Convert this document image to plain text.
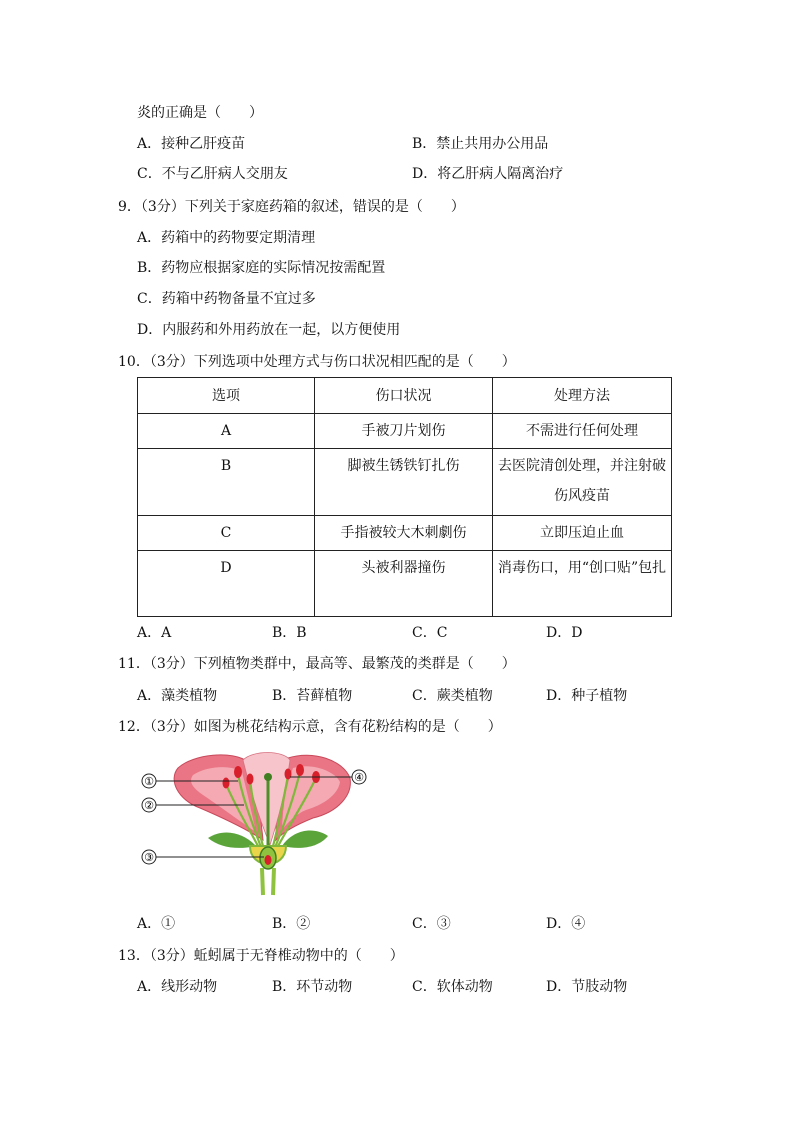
炎的正确是（　　）
A．接种乙肝疫苗	B．禁止共用办公用品
C．不与乙肝病人交朋友	D．将乙肝病人隔离治疗
9．（3分）下列关于家庭药箱的叙述，错误的是（　　）
A．药箱中的药物要定期清理
B．药物应根据家庭的实际情况按需配置
C．药箱中药物备量不宜过多
D．内服药和外用药放在一起，以方便使用
10．（3分）下列选项中处理方式与伤口状况相匹配的是（　　）
选项	伤口状况	处理方法
A	手被刀片划伤	不需进行任何处理
B	脚被生锈铁钉扎伤	去医院清创处理，并注射破伤风疫苗
C	手指被较大木刺劇伤	立即压迫止血
D	头被利器撞伤	消毒伤口，用“创口贴”包扎
A．A	B．B	C．C	D．D
11．（3分）下列植物类群中，最高等、最繁茂的类群是（　　）
A．藻类植物	B．苔藓植物	C．蕨类植物	D．种子植物
12．（3分）如图为桃花结构示意，含有花粉结构的是（　　）
①
②
③
④
A．①	B．②	C．③	D．④
13．（3分）蚯蚓属于无脊椎动物中的（　　）
A．线形动物	B．环节动物	C．软体动物	D．节肢动物
